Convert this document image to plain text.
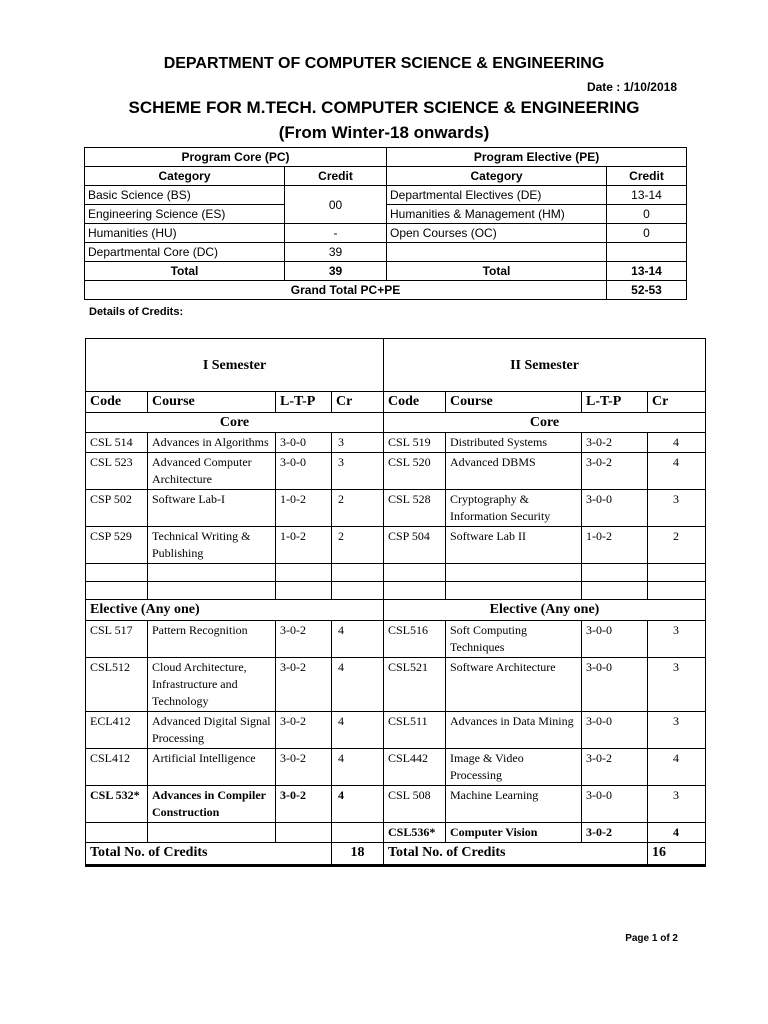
DEPARTMENT OF COMPUTER SCIENCE & ENGINEERING
Date : 1/10/2018
SCHEME FOR M.TECH. COMPUTER SCIENCE & ENGINEERING
(From Winter-18 onwards)
Program Core (PC)		Program Elective (PE)	
Category	Credit	Category	Credit
Basic Science (BS)	00	Departmental Electives (DE)	13-14
Engineering Science (ES)		Humanities & Management (HM)	0
Humanities (HU)	-	Open Courses (OC)	0
Departmental Core (DC)	39		
Total	39	Total	13-14
Grand Total PC+PE			52-53
Details of Credits:
I Semester				II Semester			
Code	Course	L-T-P	Cr	Code	Course	L-T-P	Cr
Core				Core			
CSL 514	Advances in Algorithms	3-0-0	3	CSL 519	Distributed Systems	3-0-2	4
CSL 523	Advanced Computer Architecture	3-0-0	3	CSL 520	Advanced DBMS	3-0-2	4
CSP 502	Software Lab-I	1-0-2	2	CSL 528	Cryptography & Information Security	3-0-0	3
CSP 529	Technical Writing & Publishing	1-0-2	2	CSP 504	Software Lab II	1-0-2	2

Elective (Any one)				Elective (Any one)			
CSL 517	Pattern Recognition	3-0-2	4	CSL516	Soft Computing Techniques	3-0-0	3
CSL512	Cloud Architecture, Infrastructure and Technology	3-0-2	4	CSL521	Software Architecture	3-0-0	3
ECL412	Advanced Digital Signal Processing	3-0-2	4	CSL511	Advances in Data Mining	3-0-0	3
CSL412	Artificial Intelligence	3-0-2	4	CSL442	Image & Video Processing	3-0-2	4
CSL 532*	Advances in Compiler Construction	3-0-2	4	CSL 508	Machine Learning	3-0-0	3
				CSL536*	Computer Vision	3-0-2	4
Total No. of Credits			18	Total No. of Credits			16
Page 1 of 2
